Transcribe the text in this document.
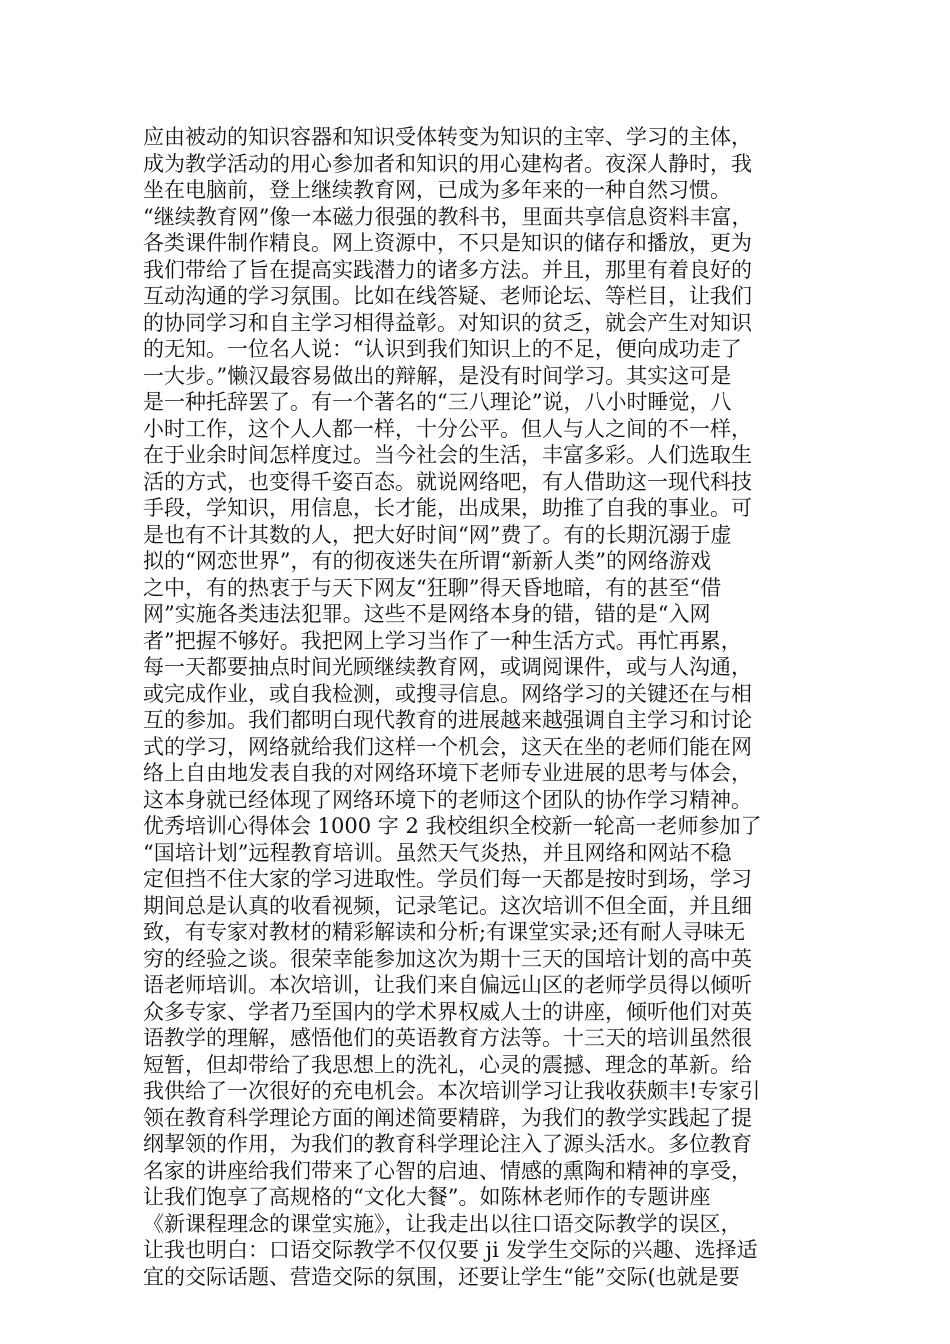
应由被动的知识容器和知识受体转变为知识的主宰、学习的主体，
成为教学活动的用心参加者和知识的用心建构者。夜深人静时，我
坐在电脑前，登上继续教育网，已成为多年来的一种自然习惯。
“继续教育网”像一本磁力很强的教科书，里面共享信息资料丰富，
各类课件制作精良。网上资源中，不只是知识的储存和播放，更为
我们带给了旨在提高实践潜力的诸多方法。并且，那里有着良好的
互动沟通的学习氛围。比如在线答疑、老师论坛、等栏目，让我们
的协同学习和自主学习相得益彰。对知识的贫乏，就会产生对知识
的无知。一位名人说：“认识到我们知识上的不足，便向成功走了
一大步。”懒汉最容易做出的辩解，是没有时间学习。其实这可是
是一种托辞罢了。有一个著名的“三八理论”说，八小时睡觉，八
小时工作，这个人人都一样，十分公平。但人与人之间的不一样，
在于业余时间怎样度过。当今社会的生活，丰富多彩。人们选取生
活的方式，也变得千姿百态。就说网络吧，有人借助这一现代科技
手段，学知识，用信息，长才能，出成果，助推了自我的事业。可
是也有不计其数的人，把大好时间“网”费了。有的长期沉溺于虚
拟的“网恋世界”，有的彻夜迷失在所谓“新新人类”的网络游戏
之中，有的热衷于与天下网友“狂聊”得天昏地暗，有的甚至“借
网”实施各类违法犯罪。这些不是网络本身的错，错的是“入网
者”把握不够好。我把网上学习当作了一种生活方式。再忙再累，
每一天都要抽点时间光顾继续教育网，或调阅课件，或与人沟通，
或完成作业，或自我检测，或搜寻信息。网络学习的关键还在与相
互的参加。我们都明白现代教育的进展越来越强调自主学习和讨论
式的学习，网络就给我们这样一个机会，这天在坐的老师们能在网
络上自由地发表自我的对网络环境下老师专业进展的思考与体会，
这本身就已经体现了网络环境下的老师这个团队的协作学习精神。
优秀培训心得体会 1000 字 2 我校组织全校新一轮高一老师参加了
“国培计划”远程教育培训。虽然天气炎热，并且网络和网站不稳
定但挡不住大家的学习进取性。学员们每一天都是按时到场，学习
期间总是认真的收看视频，记录笔记。这次培训不但全面，并且细
致，有专家对教材的精彩解读和分析;有课堂实录;还有耐人寻味无
穷的经验之谈。很荣幸能参加这次为期十三天的国培计划的高中英
语老师培训。本次培训，让我们来自偏远山区的老师学员得以倾听
众多专家、学者乃至国内的学术界权威人士的讲座，倾听他们对英
语教学的理解，感悟他们的英语教育方法等。十三天的培训虽然很
短暂，但却带给了我思想上的洗礼，心灵的震撼、理念的革新。给
我供给了一次很好的充电机会。本次培训学习让我收获颇丰!专家引
领在教育科学理论方面的阐述简要精辟，为我们的教学实践起了提
纲挈领的作用，为我们的教育科学理论注入了源头活水。多位教育
名家的讲座给我们带来了心智的启迪、情感的熏陶和精神的享受，
让我们饱享了高规格的“文化大餐”。如陈林老师作的专题讲座
《新课程理念的课堂实施》，让我走出以往口语交际教学的误区，
让我也明白：口语交际教学不仅仅要 ji 发学生交际的兴趣、选择适
宜的交际话题、营造交际的氛围，还要让学生“能”交际(也就是要
